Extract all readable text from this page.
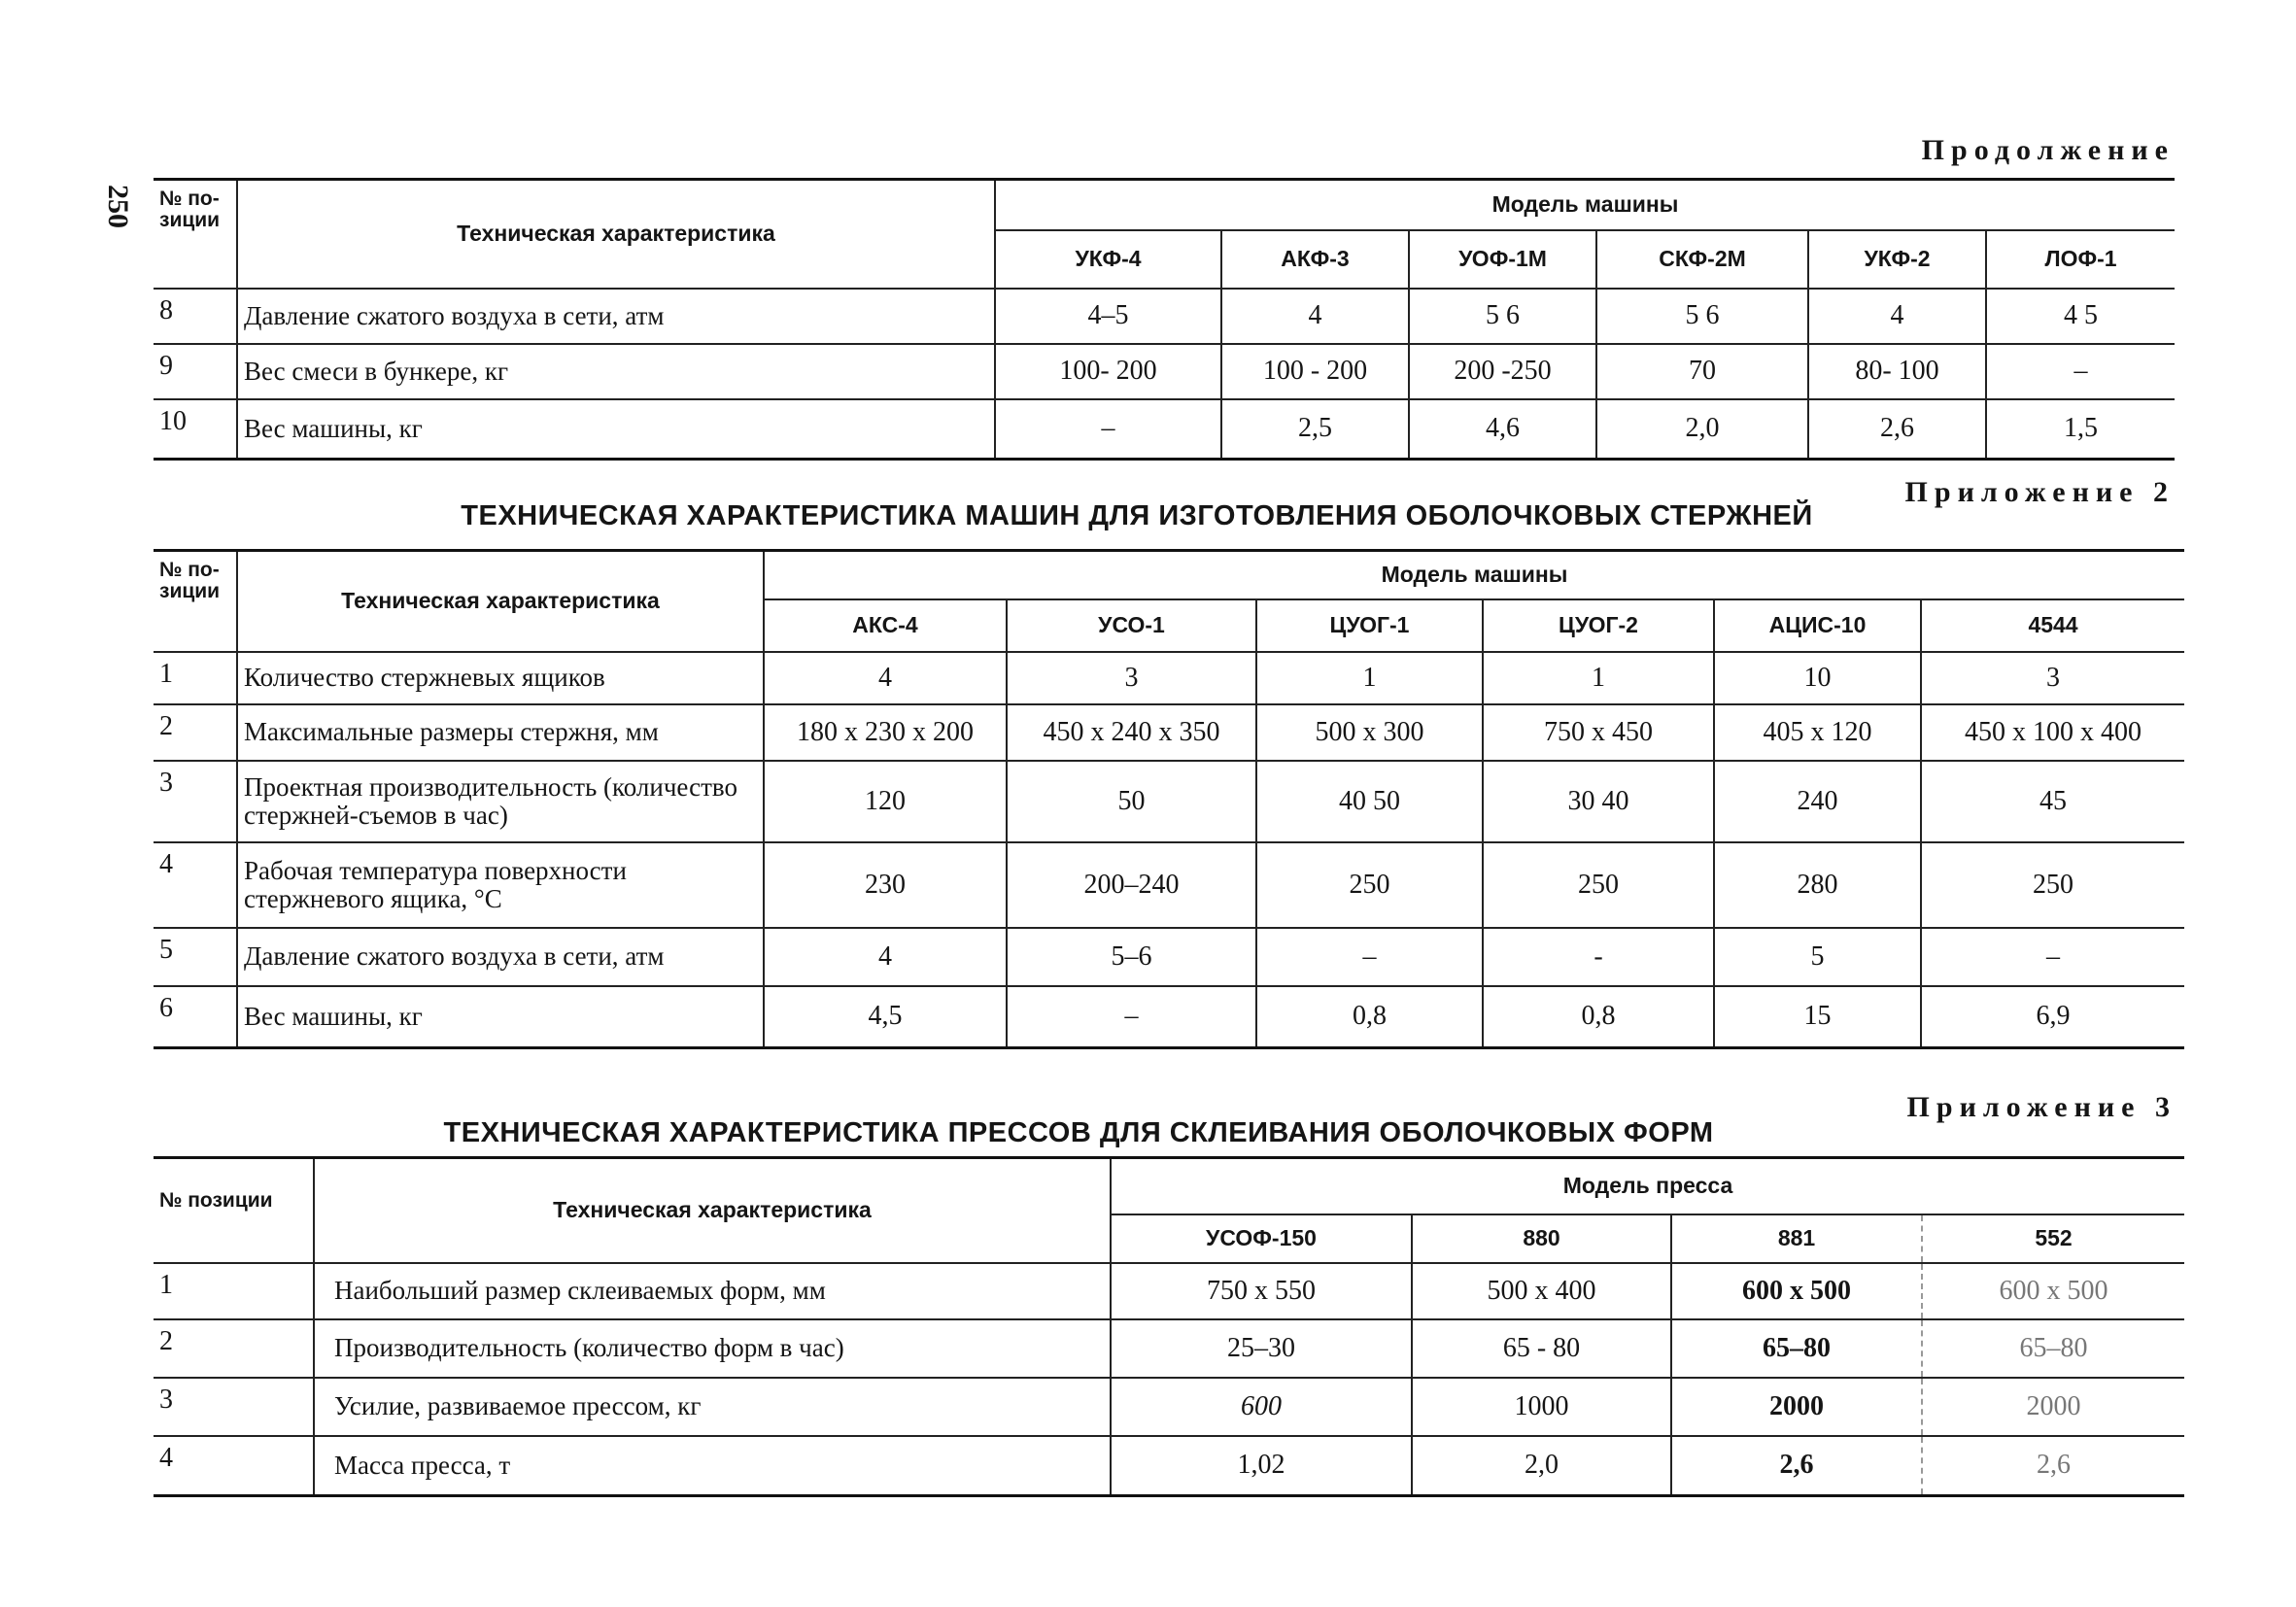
250
Продолжение
№ по-
зиции	Техническая характеристика	Модель машины					
		УКФ-4	АКФ-3	УОФ-1М	СКФ-2М	УКФ-2	ЛОФ-1
8	Давление сжатого воздуха в сети, атм	4–5	4	5 6	5 6	4	4 5
9	Вес смеси в бункере, кг	100- 200	100 - 200	200 -250	70	80- 100	–
10	Вес машины, кг	–	2,5	4,6	2,0	2,6	1,5
Приложение 2
ТЕХНИЧЕСКАЯ ХАРАКТЕРИСТИКА МАШИН ДЛЯ ИЗГОТОВЛЕНИЯ ОБОЛОЧКОВЫХ СТЕРЖНЕЙ
№ по-
зиции	Техническая характеристика	Модель машины					
		АКС-4	УСО-1	ЦУОГ-1	ЦУОГ-2	АЦИС-10	4544
1	Количество стержневых ящиков	4	3	1	1	10	3
2	Максимальные размеры стержня, мм	180 x 230 x 200	450 x 240 x 350	500 x 300	750 x 450	405 x 120	450 x 100 x 400
3	Проектная производительность (количество стержней-съемов в час)	120	50	40 50	30 40	240	45
4	Рабочая температура поверхности стержневого ящика, °С	230	200–240	250	250	280	250
5	Давление сжатого воздуха в сети, атм	4	5–6	–	-	5	–
6	Вес машины, кг	4,5	–	0,8	0,8	15	6,9
Приложение 3
ТЕХНИЧЕСКАЯ ХАРАКТЕРИСТИКА ПРЕССОВ ДЛЯ СКЛЕИВАНИЯ ОБОЛОЧКОВЫХ ФОРМ
№ позиции	Техническая характеристика	Модель пресса			
		УСОФ-150	880	881	552
1	Наибольший размер склеиваемых форм, мм	750 x 550	500 x 400	600 x 500	600 x 500
2	Производительность (количество форм в час)	25–30	65 - 80	65–80	65–80
3	Усилие, развиваемое прессом, кг	600	1000	2000	2000
4	Масса пресса, т	1,02	2,0	2,6	2,6
